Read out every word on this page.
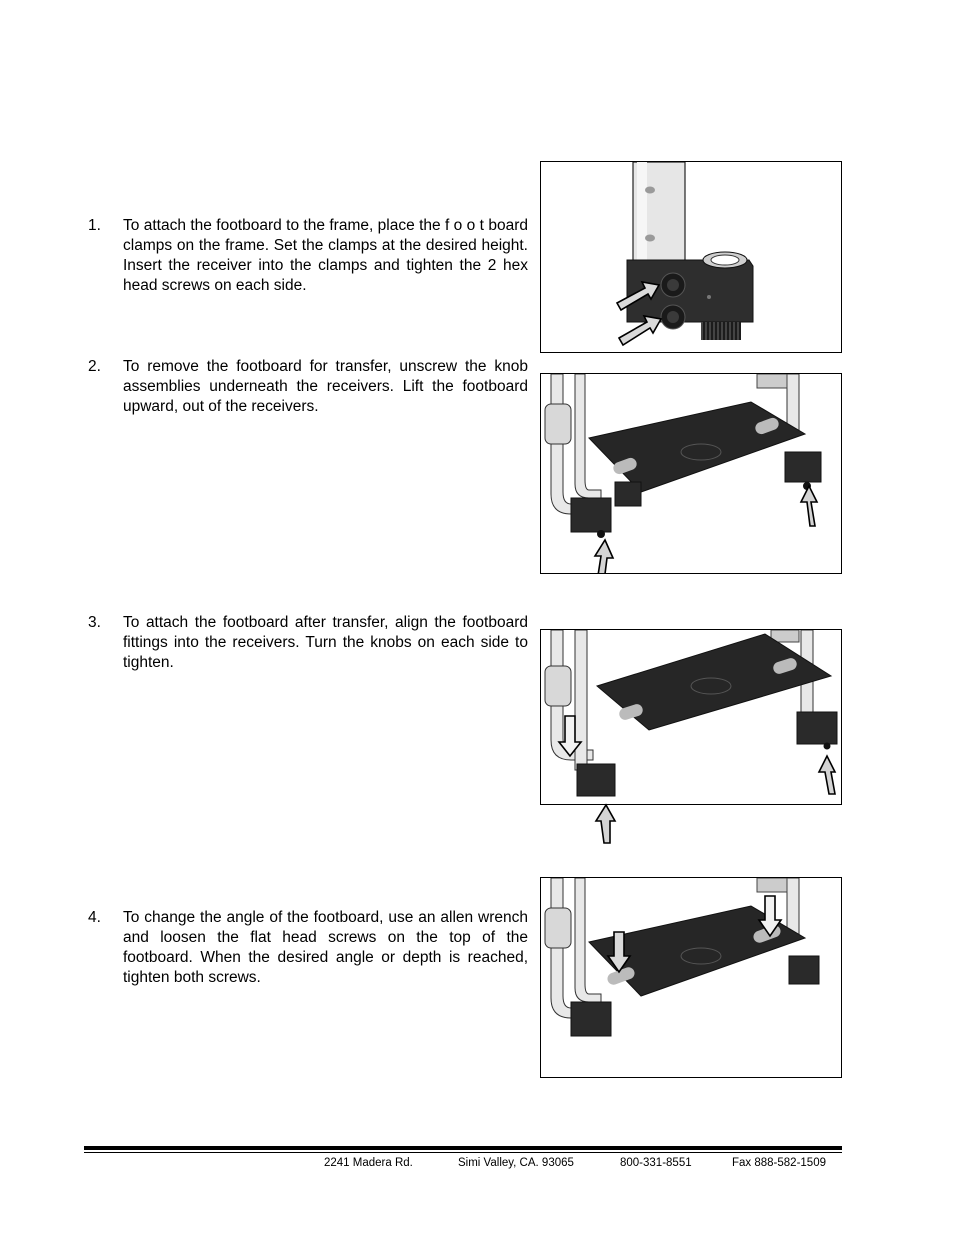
1. To attach the footboard to the frame, place the f o o t board clamps on the frame. Set the clamps at the desired height. Insert the receiver into the clamps and tighten the 2 hex head screws on each side.
2. To remove the footboard for transfer, unscrew the knob assemblies underneath the receivers. Lift the footboard upward, out of the receivers.
3. To attach the footboard after transfer, align the footboard fittings into the receivers. Turn the knobs on each side to tighten.
4. To change the angle of the footboard, use an allen wrench and loosen the flat head screws on the top of the footboard. When the desired angle or depth is reached, tighten both screws.
2241 Madera Rd.	Simi Valley, CA. 93065	800-331-8551	Fax 888-582-1509
